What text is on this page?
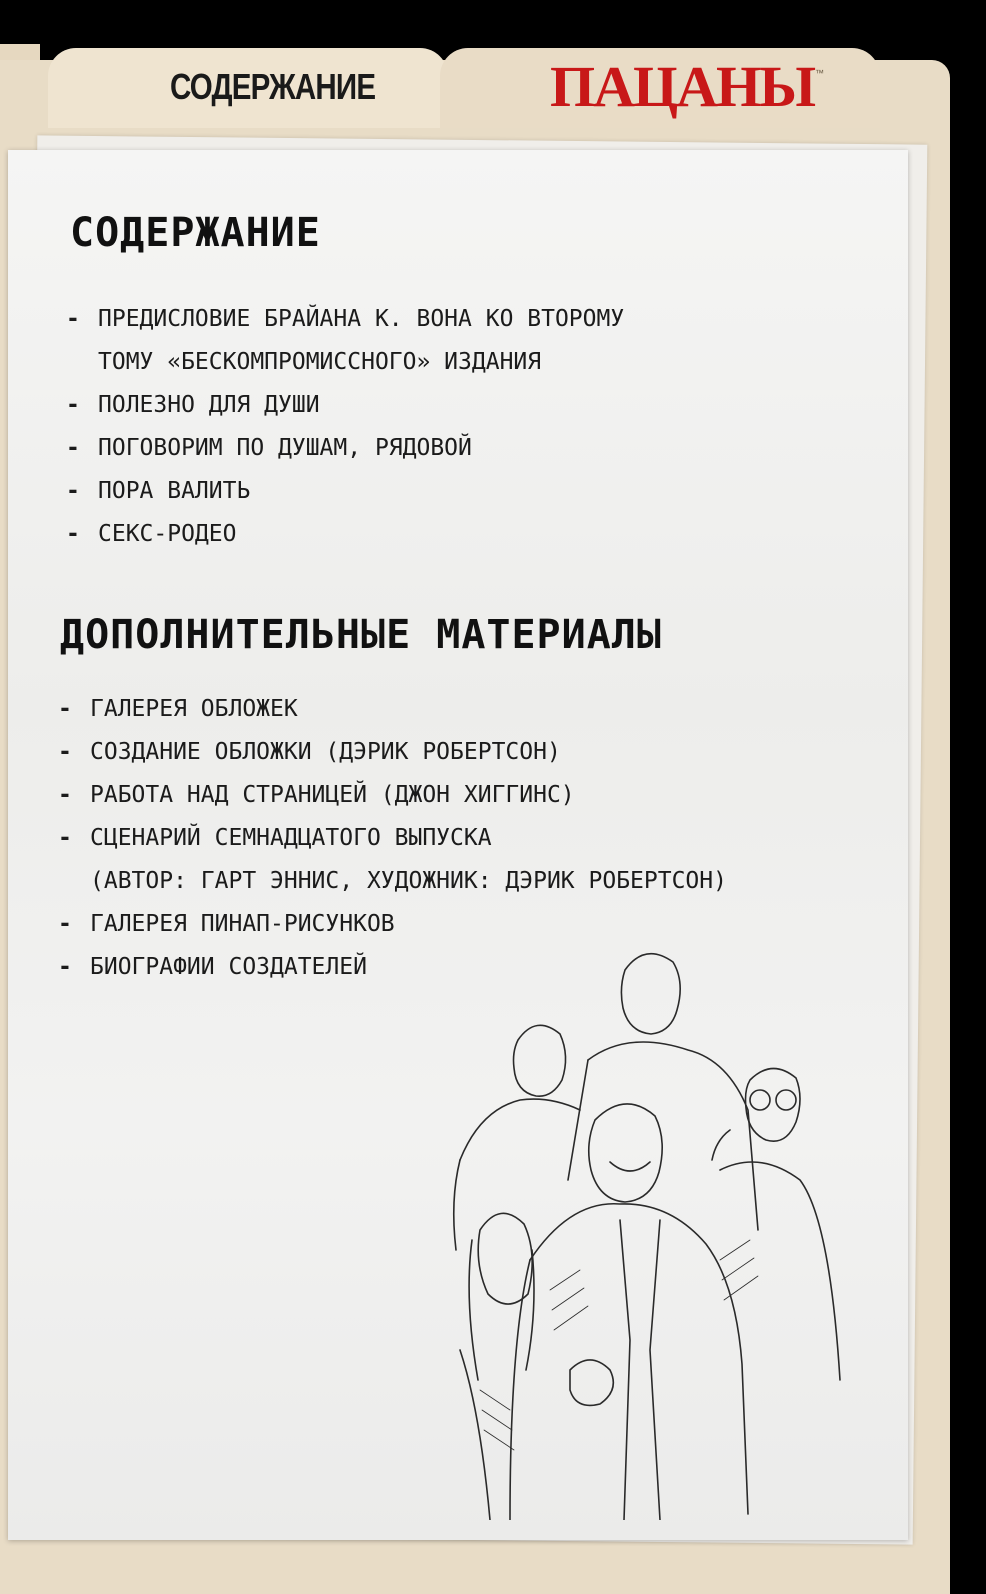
СОДЕРЖАНИЕ	ПАЦАНЫ ™
СОДЕРЖАНИЕ
- ПРЕДИСЛОВИЕ БРАЙАНА К. ВОНА КО ВТОРОМУ
ТОМУ «БЕСКОМПРОМИССНОГО» ИЗДАНИЯ
- ПОЛЕЗНО ДЛЯ ДУШИ
- ПОГОВОРИМ ПО ДУШАМ, РЯДОВОЙ
- ПОРА ВАЛИТЬ
- СЕКС-РОДЕО
ДОПОЛНИТЕЛЬНЫЕ МАТЕРИАЛЫ
- ГАЛЕРЕЯ ОБЛОЖЕК
- СОЗДАНИЕ ОБЛОЖКИ (ДЭРИК РОБЕРТСОН)
- РАБОТА НАД СТРАНИЦЕЙ (ДЖОН ХИГГИНС)
- СЦЕНАРИЙ СЕМНАДЦАТОГО ВЫПУСКА
(АВТОР: ГАРТ ЭННИС, ХУДОЖНИК: ДЭРИК РОБЕРТСОН)
- ГАЛЕРЕЯ ПИНАП-РИСУНКОВ
- БИОГРАФИИ СОЗДАТЕЛЕЙ
